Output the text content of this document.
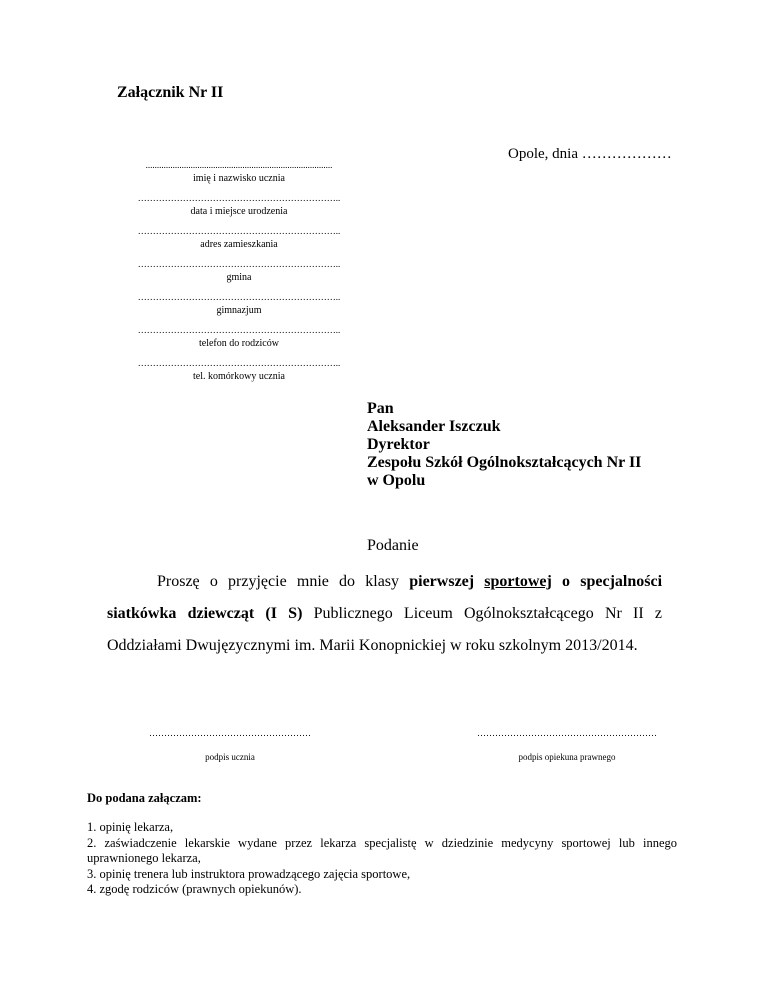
Załącznik Nr II
Opole, dnia ………………
...................................................................................
imię i nazwisko ucznia
…………………………………………………………..
data i miejsce urodzenia
…………………………………………………………..
adres zamieszkania
…………………………………………………………..
gmina
…………………………………………………………..
gimnazjum
…………………………………………………………..
telefon do rodziców
…………………………………………………………..
tel. komórkowy ucznia
Pan
Aleksander Iszczuk
Dyrektor
Zespołu Szkół Ogólnokształcących Nr II
w Opolu
Podanie

Proszę o przyjęcie mnie do klasy pierwszej sportowej o specjalności siatkówka dziewcząt (I S) Publicznego Liceum Ogólnokształcącego Nr II z Oddziałami Dwujęzycznymi im. Marii Konopnickiej w roku szkolnym 2013/2014.

………………………………………………
podpis ucznia
……………………………………………………
podpis opiekuna prawnego
Do podana załączam:
1. opinię lekarza,
2. zaświadczenie lekarskie wydane przez lekarza specjalistę w dziedzinie medycyny sportowej lub innego uprawnionego lekarza,
3. opinię trenera lub instruktora prowadzącego zajęcia sportowe,
4. zgodę rodziców (prawnych opiekunów).
